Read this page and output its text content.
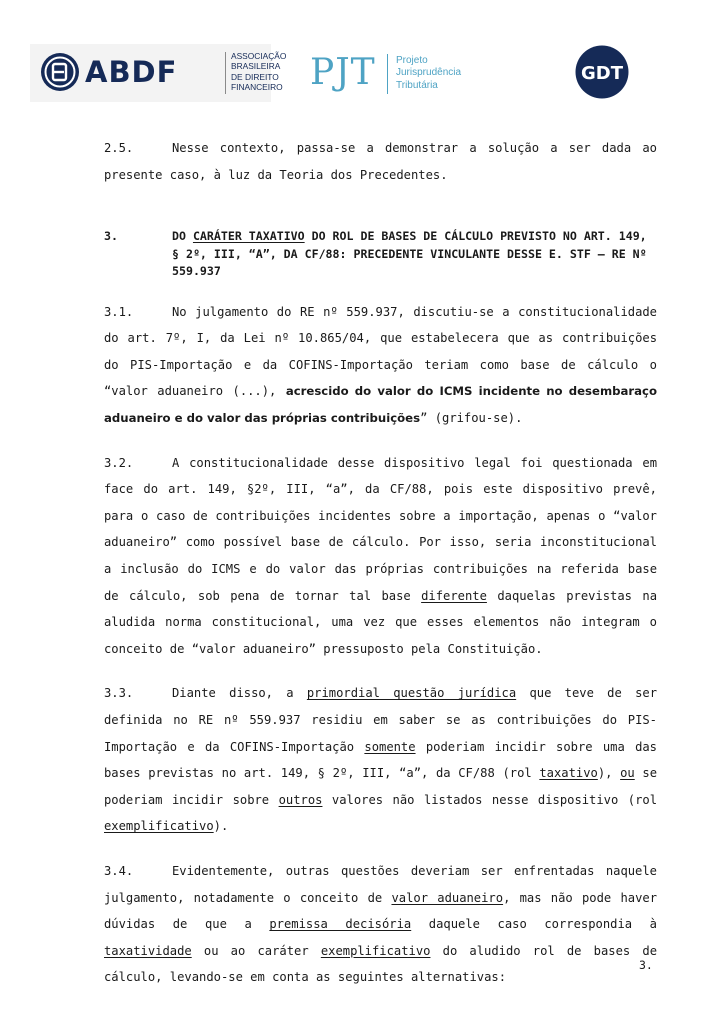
ABDF	ASSOCIAÇÃO
BRASILEIRA
DE DIREITO
FINANCEIRO PJT Projeto
Jurisprudência
Tributária
GDT

2.5.	Nesse contexto, passa-se a demonstrar a solução a ser dada ao presente caso, à luz da Teoria dos Precedentes.

3.	DO CARÁTER TAXATIVO DO ROL DE BASES DE CÁLCULO PREVISTO NO ART. 149, § 2º, III, “A”, DA CF/88: PRECEDENTE VINCULANTE DESSE E. STF – RE Nº 559.937

3.1.	No julgamento do RE nº 559.937, discutiu-se a constitucionalidade do art. 7º, I, da Lei nº 10.865/04, que estabelecera que as contribuições do PIS-Importação e da COFINS-Importação teriam como base de cálculo o “valor aduaneiro (...), acrescido do valor do ICMS incidente no desembaraço aduaneiro e do valor das próprias contribuições” (grifou-se).

3.2.	A constitucionalidade desse dispositivo legal foi questionada em face do art. 149, §2º, III, “a”, da CF/88, pois este dispositivo prevê, para o caso de contribuições incidentes sobre a importação, apenas o “valor aduaneiro” como possível base de cálculo. Por isso, seria inconstitucional a inclusão do ICMS e do valor das próprias contribuições na referida base de cálculo, sob pena de tornar tal base diferente daquelas previstas na aludida norma constitucional, uma vez que esses elementos não integram o conceito de “valor aduaneiro” pressuposto pela Constituição.

3.3.	Diante disso, a primordial questão jurídica que teve de ser definida no RE nº 559.937 residiu em saber se as contribuições do PIS-Importação e da COFINS-Importação somente poderiam incidir sobre uma das bases previstas no art. 149, § 2º, III, “a”, da CF/88 (rol taxativo), ou se poderiam incidir sobre outros valores não listados nesse dispositivo (rol exemplificativo).

3.4.	Evidentemente, outras questões deveriam ser enfrentadas naquele julgamento, notadamente o conceito de valor aduaneiro, mas não pode haver dúvidas de que a premissa decisória daquele caso correspondia à taxatividade ou ao caráter exemplificativo do aludido rol de bases de cálculo, levando-se em conta as seguintes alternativas:

3.
